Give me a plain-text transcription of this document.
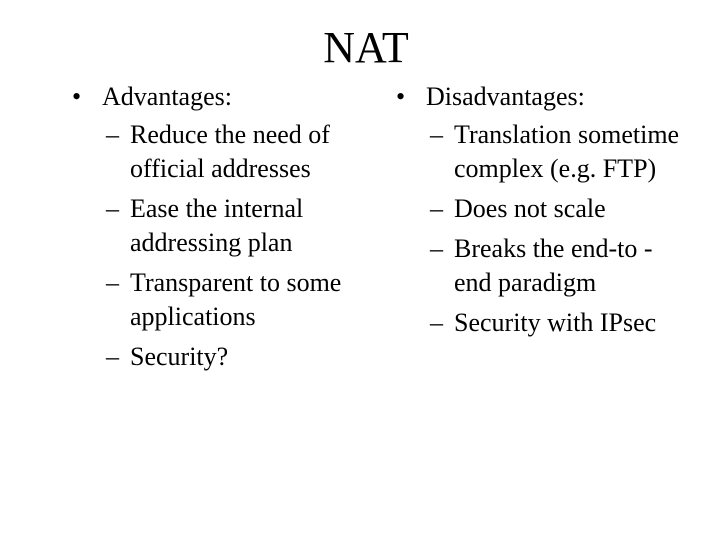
NAT
• Advantages:
– Reduce the need of official addresses
– Ease the internal addressing plan
– Transparent to some applications
– Security?
• Disadvantages:
– Translation sometime complex (e.g. FTP)
– Does not scale
– Breaks the end-to -end paradigm
– Security with IPsec
